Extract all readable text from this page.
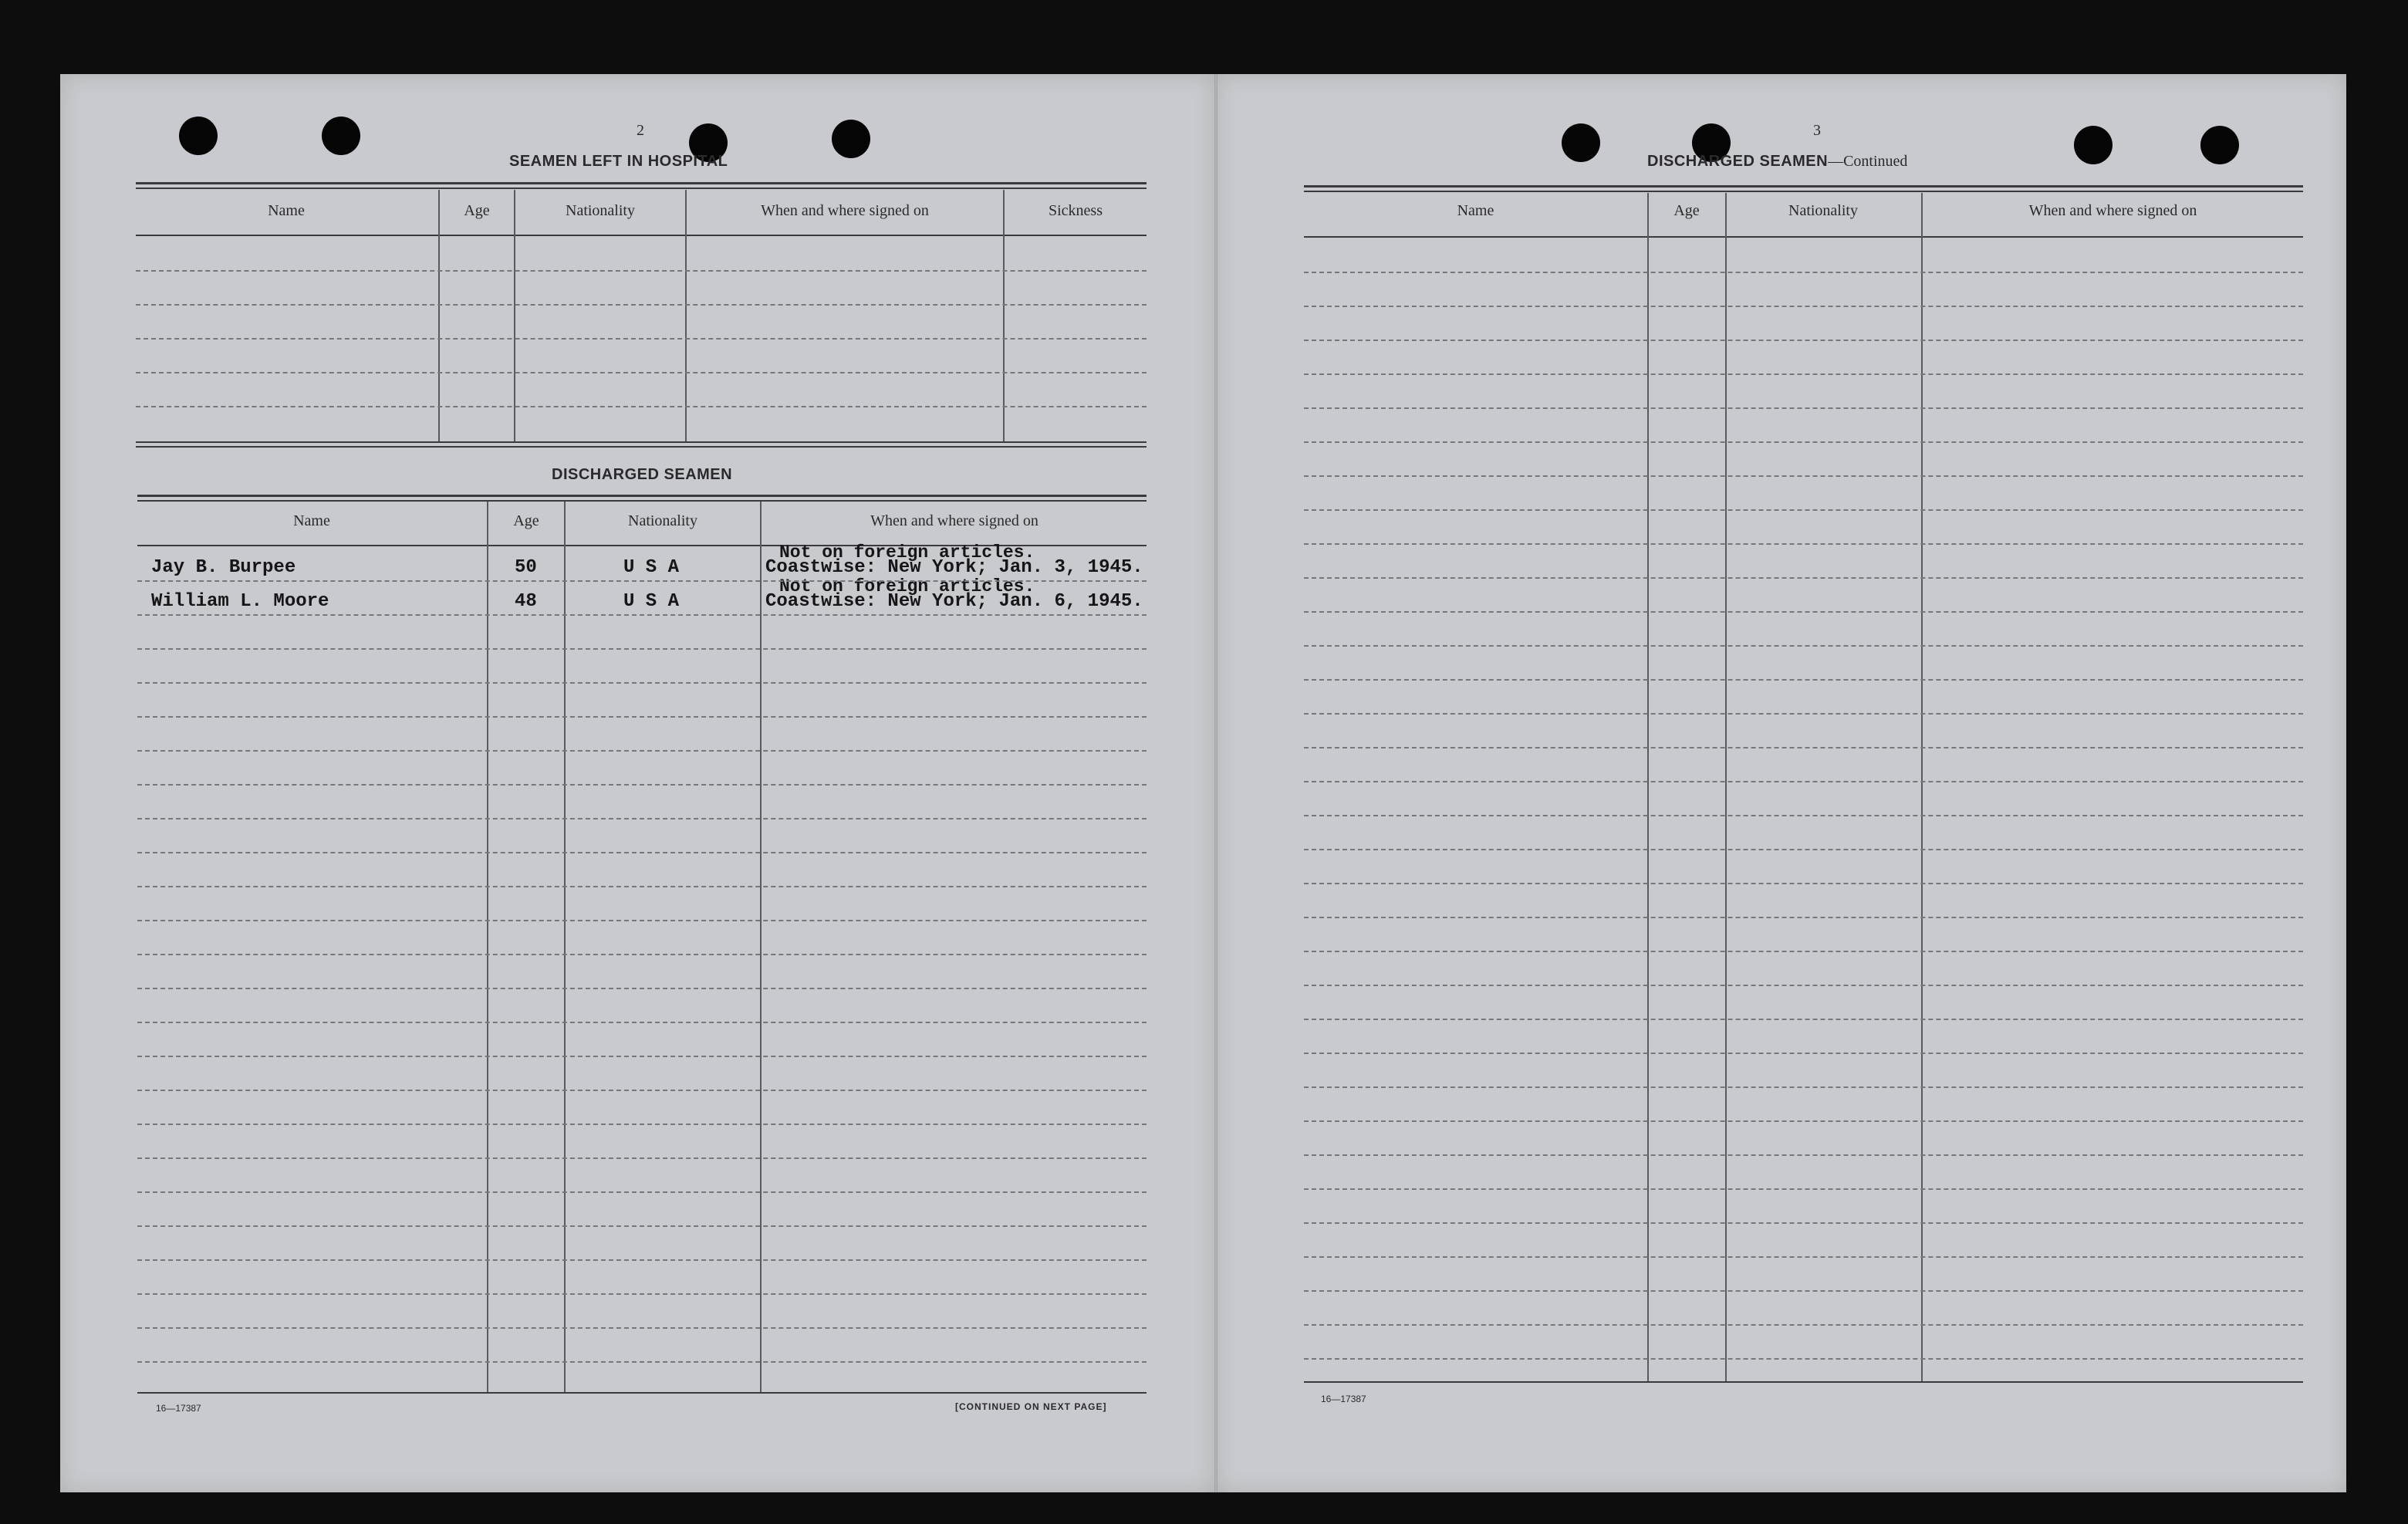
2
SEAMEN LEFT IN HOSPITAL
Name	Age	Nationality	When and where signed on	Sickness
DISCHARGED SEAMEN
Name	Age	Nationality	When and where signed on
Jay B. Burpee	50	U S A
Not on foreign articles.
Coastwise: New York; Jan. 3, 1945.
William L. Moore	48	U S A
Not on foreign articles.
Coastwise: New York; Jan. 6, 1945.
16—17387	[CONTINUED ON NEXT PAGE]
3
DISCHARGED SEAMEN—Continued
Name	Age	Nationality	When and where signed on
16—17387
